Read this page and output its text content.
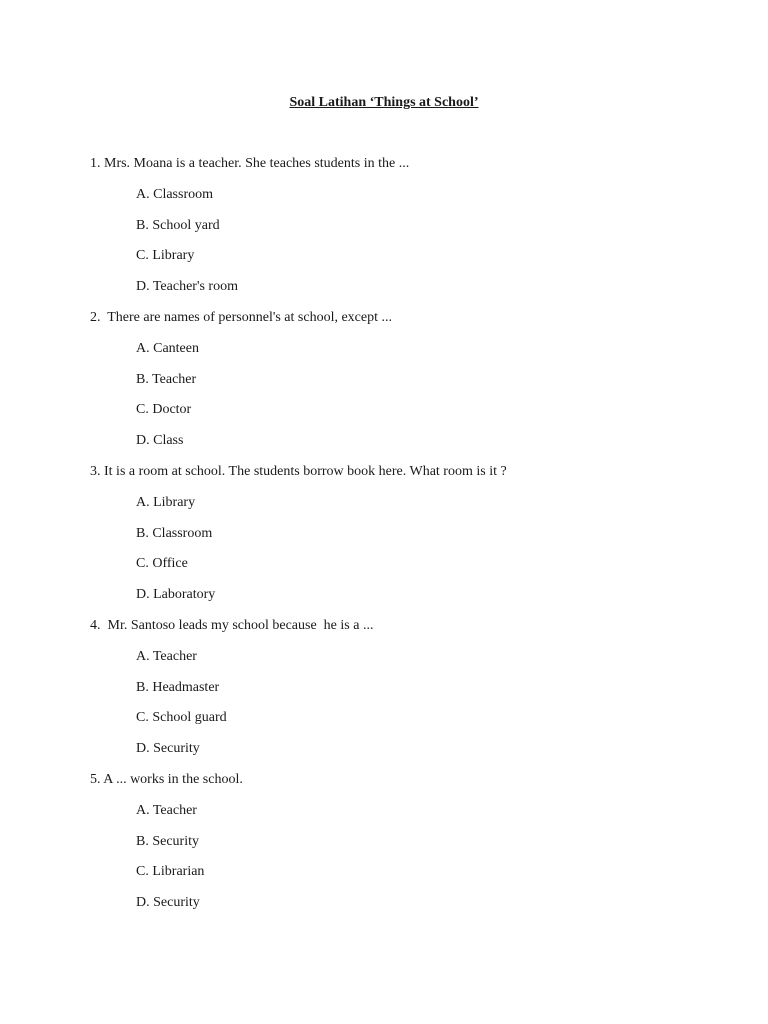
Soal Latihan ‘Things at School’
1. Mrs. Moana is a teacher. She teaches students in the ...
A. Classroom
B. School yard
C. Library
D. Teacher's room
2.  There are names of personnel's at school, except ...
A. Canteen
B. Teacher
C. Doctor
D. Class
3. It is a room at school. The students borrow book here. What room is it ?
A. Library
B. Classroom
C. Office
D. Laboratory
4.  Mr. Santoso leads my school because  he is a ...
A. Teacher
B. Headmaster
C. School guard
D. Security
5. A ... works in the school.
A. Teacher
B. Security
C. Librarian
D. Security
